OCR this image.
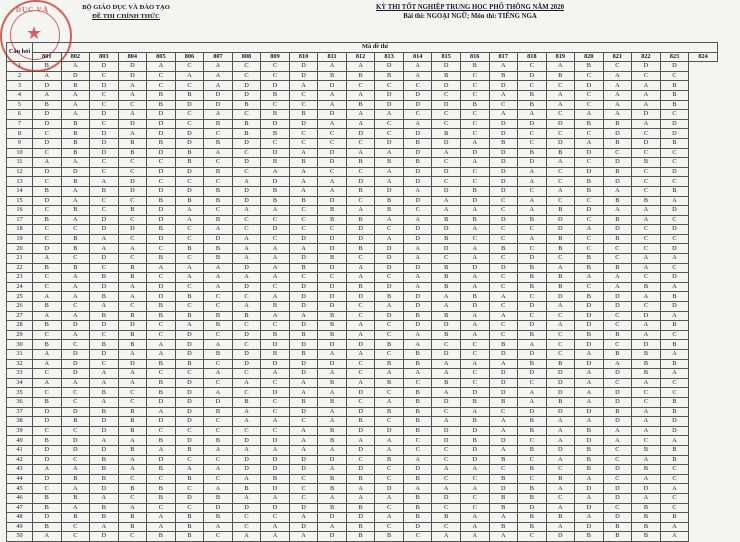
DỤC VÀ
★
BỘ GIÁO DỤC VÀ ĐÀO TẠO
ĐỀ THI CHÍNH THỨC
KỲ THI TỐT NGHIỆP TRUNG HỌC PHỔ THÔNG NĂM 2020
Bài thi: NGOẠI NGỮ; Môn thi: TIẾNG NGA
Câu hỏi	Mã đề thi																							
	801	802	803	804	805	806	807	808	809	810	811	812	813	814	815	816	817	818	819	820	821	822	823	824
1	B	A	D	D	A	C	A	C	C	D	A	A	D	A	D	B	A	C	A	B	C	D	D	
2	A	D	C	D	C	A	A	C	C	D	B	B	B	A	B	C	B	D	B	C	A	C	C	
3	D	B	D	A	C	C	A	D	D	A	D	C	C	C	D	C	D	C	C	D	A	A	B	
4	A	A	C	A	B	B	D	D	B	C	A	A	D	D	C	C	A	B	A	C	A	A	B	
5	B	A	C	C	B	D	D	B	C	C	A	B	D	D	D	B	C	B	A	C	A	A	B	
6	D	A	D	A	D	C	A	C	B	B	D	A	A	C	C	C	A	A	C	A	A	D	C	
7	D	B	C	D	D	C	B	B	D	D	A	A	C	A	C	C	D	D	D	B	B	A	D	
8	C	B	D	A	D	D	C	B	B	C	C	D	C	D	B	C	D	C	C	C	D	C	D	
9	D	B	D	B	B	D	B	D	C	C	C	C	D	B	D	A	B	C	D	A	B	D	B	
10	C	B	D	B	D	B	A	C	D	A	D	A	A	D	A	D	D	B	B	D	C	C	C	
11	A	A	C	C	C	B	C	D	B	B	D	B	B	B	C	A	D	D	A	C	D	B	C	
12	D	D	C	C	D	D	B	C	A	A	C	C	A	D	D	C	D	A	C	D	B	C	D	
13	C	B	A	D	C	C	C	A	D	A	A	D	A	D	C	C	D	A	C	B	D	C	C	
14	B	A	B	D	D	D	B	D	B	A	A	B	D	A	D	B	D	C	A	B	A	C	B	
15	D	A	C	C	B	B	B	D	B	B	D	C	B	D	A	D	C	A	C	C	B	B	A	
16	C	B	C	B	D	A	C	A	A	C	B	A	B	C	A	A	C	A	B	D	A	A	D	
17	B	A	D	C	D	A	B	C	C	C	B	B	A	A	B	B	D	B	D	C	B	A	C	
18	C	C	D	D	B	C	A	C	D	C	C	D	C	D	D	A	C	C	D	A	D	C	D	
19	C	B	A	C	D	C	D	A	C	D	D	D	A	D	B	C	C	A	B	C	B	C	C	
20	D	B	A	A	C	B	B	A	A	A	D	B	D	A	D	A	B	C	B	C	C	C	D	
21	A	C	D	C	B	C	B	A	A	D	B	C	D	A	C	A	C	D	C	B	C	A	A	
22	B	B	C	B	A	A	A	D	A	B	D	A	D	D	B	D	D	B	A	B	B	A	C	
23	C	A	B	B	C	A	A	A	A	C	C	A	C	A	B	A	C	B	B	A	A	C	D	
24	C	A	D	A	D	C	A	D	C	D	D	B	D	A	B	A	C	B	B	C	A	B	A	
25	A	A	B	A	D	B	C	C	A	D	D	D	B	D	A	B	A	C	D	B	D	A	B	
26	B	C	A	C	B	C	C	A	B	D	D	C	A	D	A	D	C	D	A	D	D	C	D	
27	A	A	B	B	B	B	B	B	A	A	B	C	D	B	B	A	A	C	C	D	C	D	A	
28	B	D	D	D	C	A	B	C	C	D	B	A	C	D	D	A	C	D	A	D	C	A	B	
29	C	A	C	B	C	D	C	D	B	B	B	A	C	A	B	A	C	B	C	B	B	A	C	
30	B	C	B	B	A	D	A	C	D	D	D	D	B	A	C	C	B	A	C	D	C	D	B	
31	A	D	D	A	A	D	B	D	B	B	A	A	C	B	D	C	D	D	C	A	B	B	A	
32	A	D	C	D	B	B	C	D	D	D	D	C	B	B	A	A	A	B	B	D	A	B	B	
33	C	D	A	A	C	C	A	C	A	D	A	C	A	A	A	C	D	D	D	A	D	B	A	
34	A	A	A	A	B	D	C	A	C	A	B	A	B	C	B	C	D	C	D	A	C	A	C	
35	C	C	B	C	B	D	A	C	D	A	A	D	C	B	A	D	D	A	D	A	D	C	C	
36	B	C	A	C	D	D	D	B	C	B	B	C	A	B	D	B	B	A	B	A	D	C	B	
37	D	D	B	B	A	D	B	A	C	D	A	D	B	B	C	A	C	D	D	D	B	A	B	
38	D	B	D	B	D	D	C	A	A	C	A	B	C	B	A	B	A	B	A	A	D	A	D	
39	C	C	D	B	C	C	C	C	C	A	B	D	D	B	D	D	A	B	A	B	A	A	D	
40	B	D	A	A	B	D	B	D	D	A	B	A	A	C	D	B	D	C	A	D	A	C	A	
41	D	D	D	B	A	B	A	A	A	A	A	D	A	C	C	D	A	B	D	B	C	B	B	
42	D	C	B	A	D	C	C	D	D	D	D	C	B	A	C	D	B	C	A	B	C	A	B	
43	A	A	B	A	B	A	A	D	D	D	A	D	C	D	A	A	C	B	C	B	D	B	C	
44	D	B	B	C	C	B	C	A	B	C	B	B	C	B	C	C	B	C	B	A	C	A	C	
45	C	A	D	B	B	C	A	B	D	C	B	A	D	A	A	A	D	B	A	D	D	D	A	
46	B	B	A	C	B	D	B	A	A	C	A	A	A	B	D	C	B	B	C	A	D	A	C	
47	B	A	B	A	C	C	D	D	D	D	B	B	C	B	C	C	B	D	A	D	C	B	C	
48	D	B	B	B	A	B	B	C	C	A	D	D	A	B	B	A	A	B	B	A	D	B	B	
49	B	C	A	B	A	B	A	C	A	D	A	B	C	D	C	A	B	B	A	D	B	B	A	
50	A	C	D	C	B	B	C	A	A	A	D	B	B	C	A	A	A	C	D	B	B	B	A	
